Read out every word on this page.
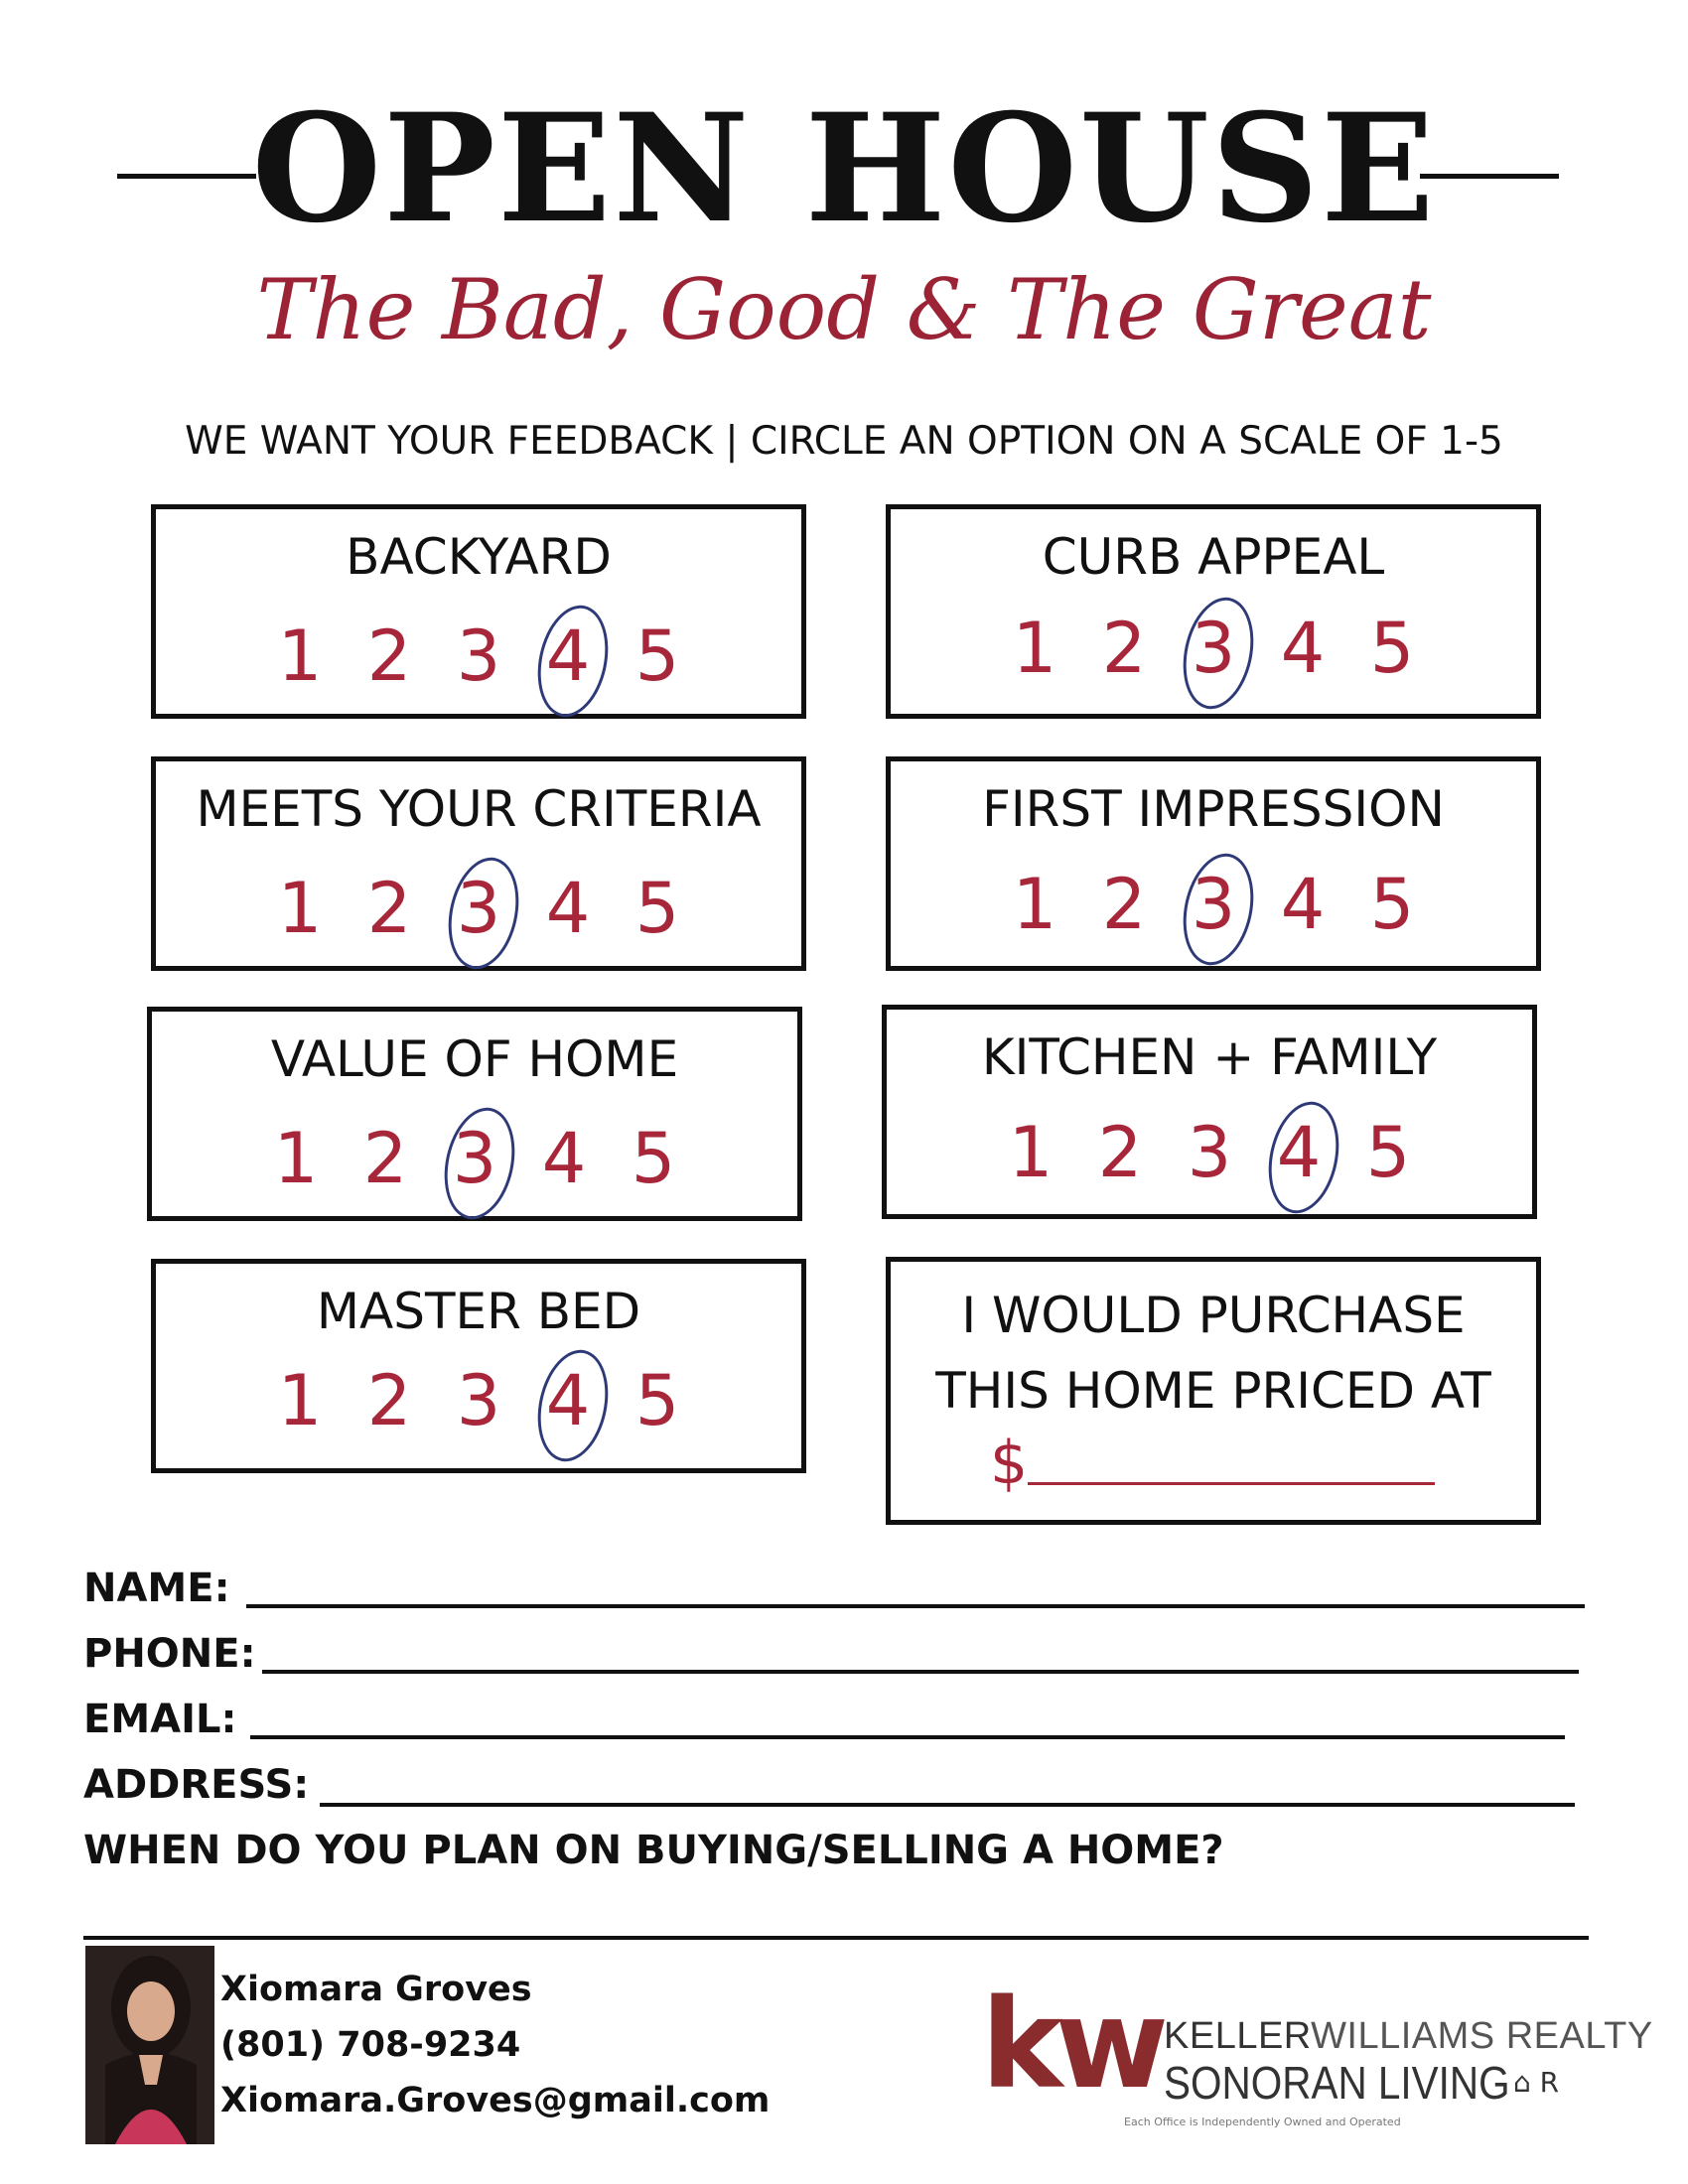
OPEN HOUSE
The Bad, Good & The Great
WE WANT YOUR FEEDBACK | CIRCLE AN OPTION ON A SCALE OF 1-5
BACKYARD
1 2 3 4 5
CURB APPEAL
1 2 3 4 5
MEETS YOUR CRITERIA
1 2 3 4 5
FIRST IMPRESSION
1 2 3 4 5
VALUE OF HOME
1 2 3 4 5
KITCHEN + FAMILY
1 2 3 4 5
MASTER BED
1 2 3 4 5
I WOULD PURCHASE
THIS HOME PRICED AT
$
NAME:
PHONE:
EMAIL:
ADDRESS:
WHEN DO YOU PLAN ON BUYING/SELLING A HOME?
Xiomara Groves
(801) 708-9234
Xiomara.Groves@gmail.com kw KELLERWILLIAMS REALTY
SONORAN LIVING ⌂ R
Each Office is Independently Owned and Operated
